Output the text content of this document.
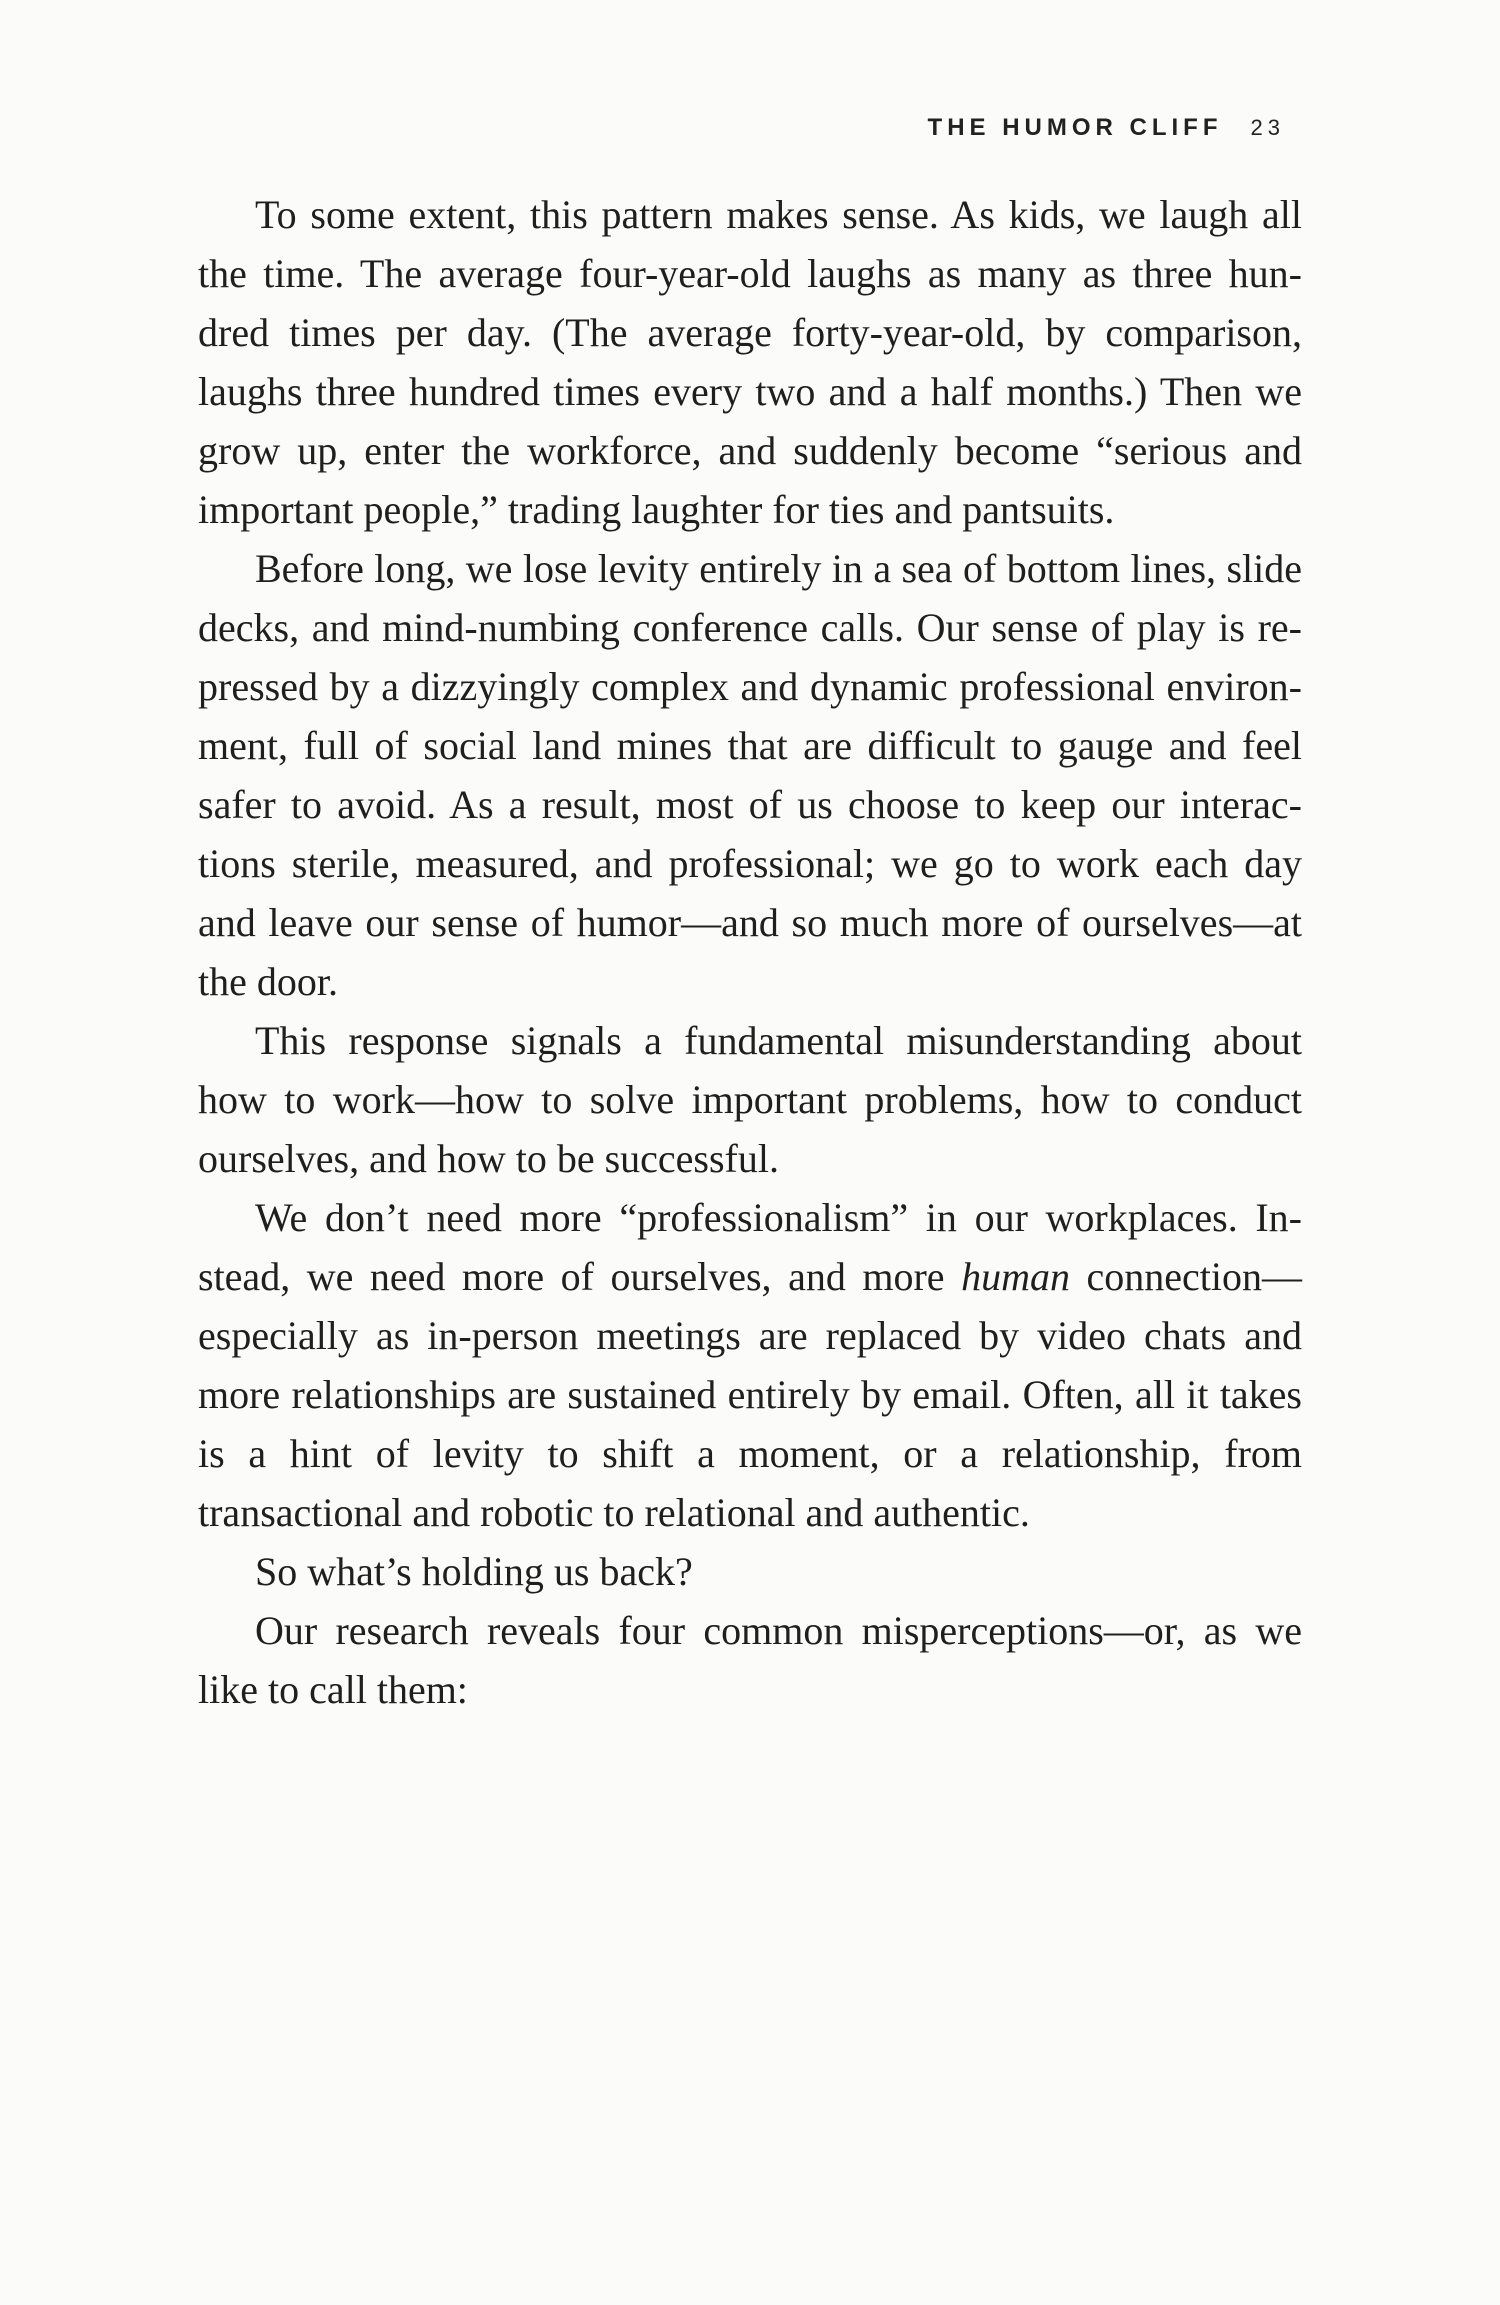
THE HUMOR CLIFF 23

To some extent, this pattern makes sense. As kids, we laugh all the time. The average four-year-old laughs as many as three hun-dred times per day. (The average forty-year-old, by comparison, laughs three hundred times every two and a half months.) Then we grow up, enter the workforce, and suddenly become “serious and important people,” trading laughter for ties and pantsuits.

Before long, we lose levity entirely in a sea of bottom lines, slide decks, and mind-numbing conference calls. Our sense of play is re-pressed by a dizzyingly complex and dynamic professional environ-ment, full of social land mines that are difficult to gauge and feel safer to avoid. As a result, most of us choose to keep our interac-tions sterile, measured, and professional; we go to work each day and leave our sense of humor—and so much more of ourselves—at the door.

This response signals a fundamental misunderstanding about how to work—how to solve important problems, how to conduct ourselves, and how to be successful.

We don’t need more “professionalism” in our workplaces. In-stead, we need more of ourselves, and more human connection—especially as in-person meetings are replaced by video chats and more relationships are sustained entirely by email. Often, all it takes is a hint of levity to shift a moment, or a relationship, from transactional and robotic to relational and authentic.

So what’s holding us back?

Our research reveals four common misperceptions—or, as we like to call them:
